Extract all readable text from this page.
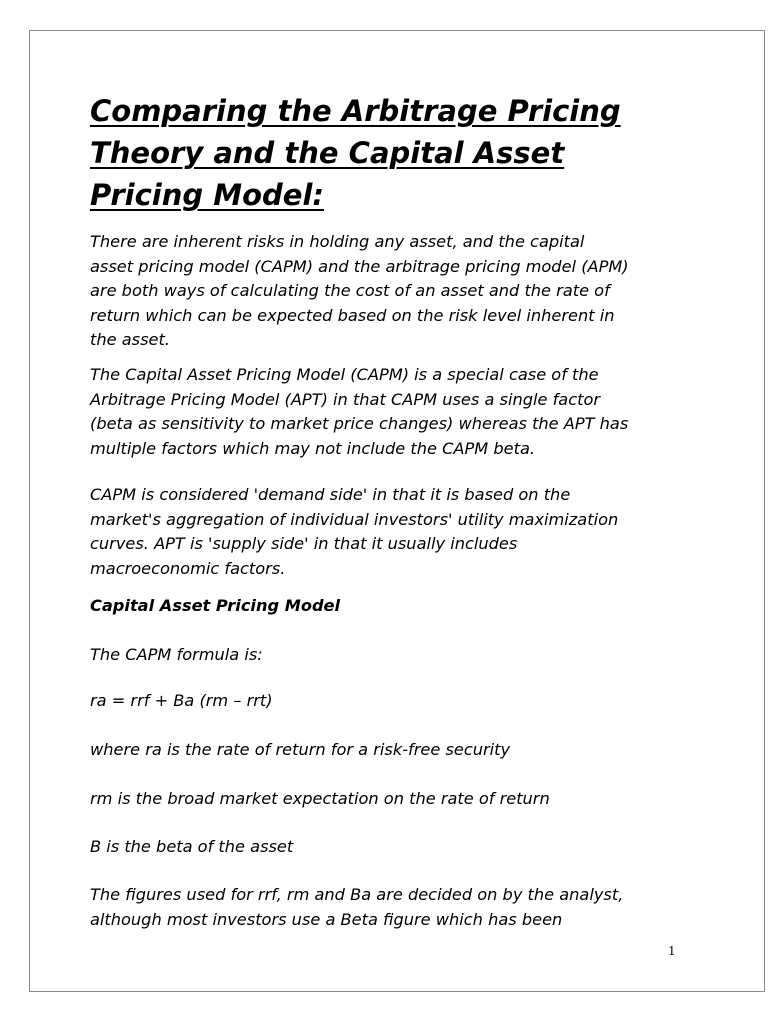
Comparing the Arbitrage Pricing
Theory and the Capital Asset
Pricing Model:

There are inherent risks in holding any asset, and the capital
asset pricing model (CAPM) and the arbitrage pricing model (APM)
are both ways of calculating the cost of an asset and the rate of
return which can be expected based on the risk level inherent in
the asset.

The Capital Asset Pricing Model (CAPM) is a special case of the
Arbitrage Pricing Model (APT) in that CAPM uses a single factor
(beta as sensitivity to market price changes) whereas the APT has
multiple factors which may not include the CAPM beta.

CAPM is considered 'demand side' in that it is based on the
market's aggregation of individual investors' utility maximization
curves. APT is 'supply side' in that it usually includes
macroeconomic factors.

Capital Asset Pricing Model

The CAPM formula is:

ra = rrf + Ba (rm – rrt)

where ra is the rate of return for a risk-free security

rm is the broad market expectation on the rate of return

B is the beta of the asset

The figures used for rrf, rm and Ba are decided on by the analyst,
although most investors use a Beta figure which has been

1
